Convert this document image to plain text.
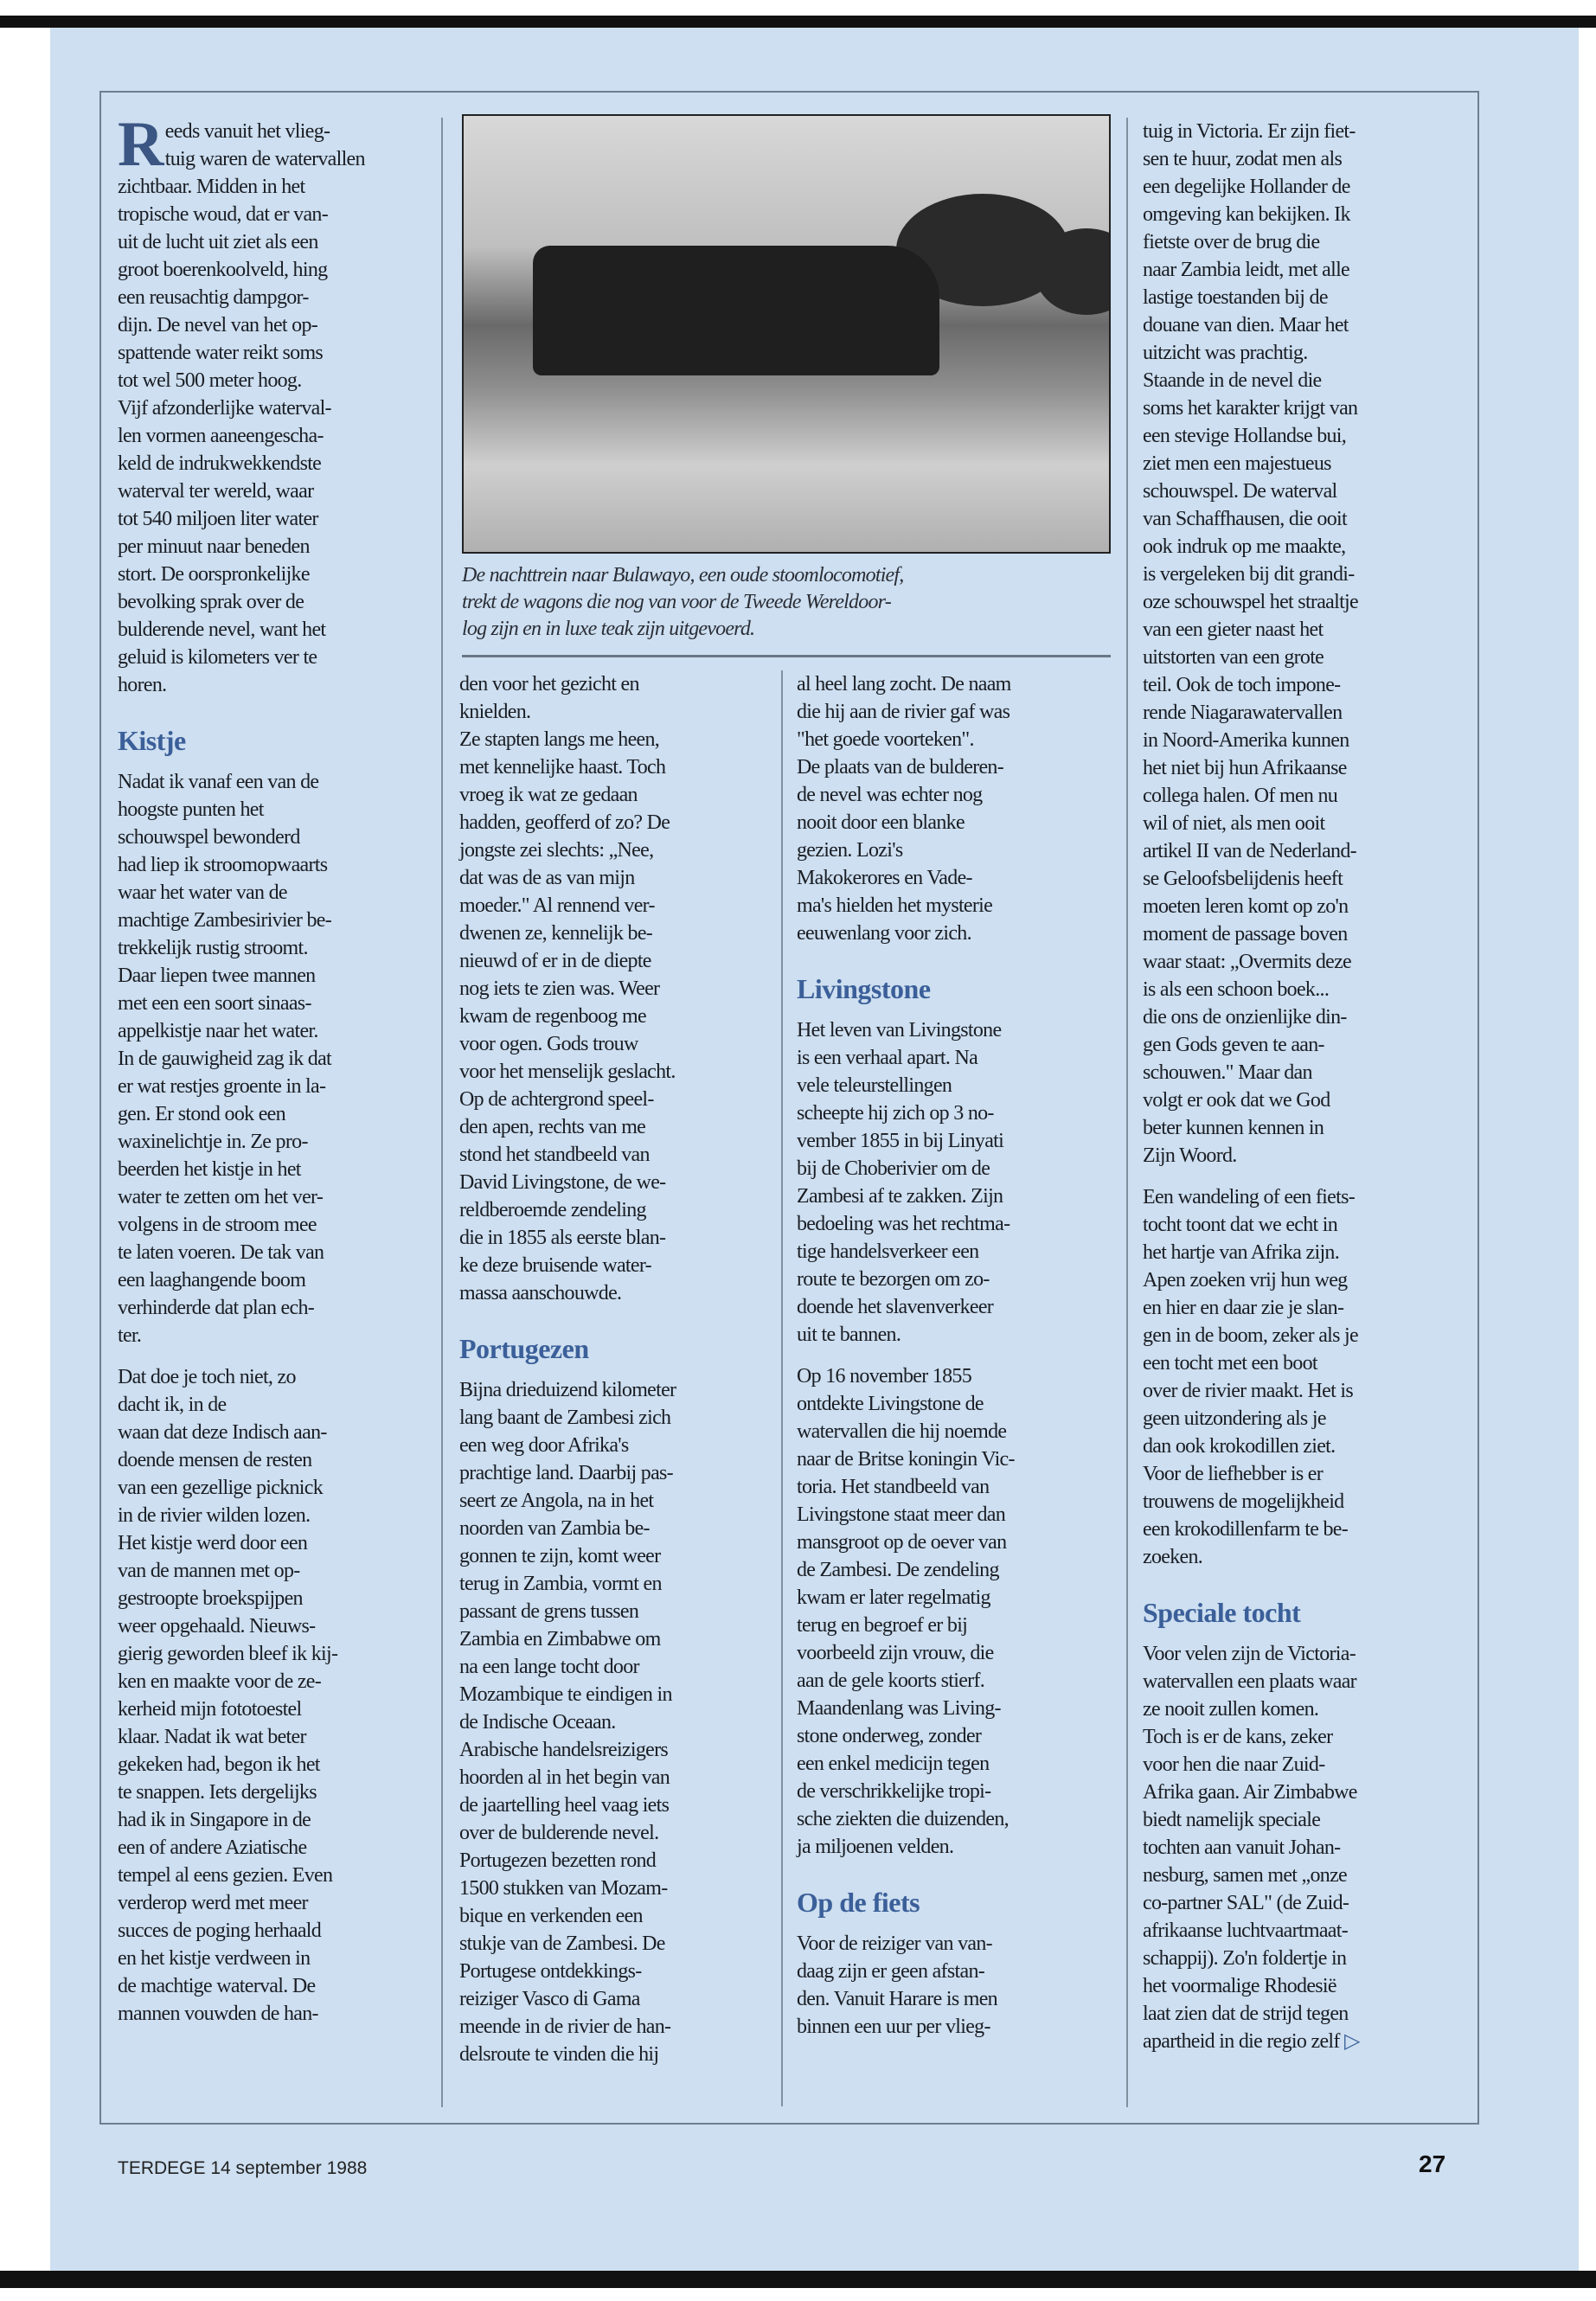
De nachttrein naar Bulawayo, een oude stoomlocomotief,
trekt de wagons die nog van voor de Tweede Wereldoor-
log zijn en in luxe teak zijn uitgevoerd.

Reeds vanuit het vlieg-
tuig waren de watervallen
zichtbaar. Midden in het
tropische woud, dat er van-
uit de lucht uit ziet als een
groot boerenkoolveld, hing
een reusachtig dampgor-
dijn. De nevel van het op-
spattende water reikt soms
tot wel 500 meter hoog.
Vijf afzonderlijke waterval-
len vormen aaneengescha-
keld de indrukwekkendste
waterval ter wereld, waar
tot 540 miljoen liter water
per minuut naar beneden
stort. De oorspronkelijke
bevolking sprak over de
bulderende nevel, want het
geluid is kilometers ver te
horen.

Kistje

Nadat ik vanaf een van de
hoogste punten het
schouwspel bewonderd
had liep ik stroomopwaarts
waar het water van de
machtige Zambesirivier be-
trekkelijk rustig stroomt.
Daar liepen twee mannen
met een een soort sinaas-
appelkistje naar het water.
In de gauwigheid zag ik dat
er wat restjes groente in la-
gen. Er stond ook een
waxinelichtje in. Ze pro-
beerden het kistje in het
water te zetten om het ver-
volgens in de stroom mee
te laten voeren. De tak van
een laaghangende boom
verhinderde dat plan ech-
ter.

Dat doe je toch niet, zo
dacht ik, in de
waan dat deze Indisch aan-
doende mensen de resten
van een gezellige picknick
in de rivier wilden lozen.
Het kistje werd door een
van de mannen met op-
gestroopte broekspijpen
weer opgehaald. Nieuws-
gierig geworden bleef ik kij-
ken en maakte voor de ze-
kerheid mijn fototoestel
klaar. Nadat ik wat beter
gekeken had, begon ik het
te snappen. Iets dergelijks
had ik in Singapore in de
een of andere Aziatische
tempel al eens gezien. Even
verderop werd met meer
succes de poging herhaald
en het kistje verdween in
de machtige waterval. De
mannen vouwden de han-

den voor het gezicht en
knielden.
Ze stapten langs me heen,
met kennelijke haast. Toch
vroeg ik wat ze gedaan
hadden, geofferd of zo? De
jongste zei slechts: „Nee,
dat was de as van mijn
moeder." Al rennend ver-
dwenen ze, kennelijk be-
nieuwd of er in de diepte
nog iets te zien was. Weer
kwam de regenboog me
voor ogen. Gods trouw
voor het menselijk geslacht.
Op de achtergrond speel-
den apen, rechts van me
stond het standbeeld van
David Livingstone, de we-
reldberoemde zendeling
die in 1855 als eerste blan-
ke deze bruisende water-
massa aanschouwde.

Portugezen

Bijna drieduizend kilometer
lang baant de Zambesi zich
een weg door Afrika's
prachtige land. Daarbij pas-
seert ze Angola, na in het
noorden van Zambia be-
gonnen te zijn, komt weer
terug in Zambia, vormt en
passant de grens tussen
Zambia en Zimbabwe om
na een lange tocht door
Mozambique te eindigen in
de Indische Oceaan.
Arabische handelsreizigers
hoorden al in het begin van
de jaartelling heel vaag iets
over de bulderende nevel.
Portugezen bezetten rond
1500 stukken van Mozam-
bique en verkenden een
stukje van de Zambesi. De
Portugese ontdekkings-
reiziger Vasco di Gama
meende in de rivier de han-
delsroute te vinden die hij

al heel lang zocht. De naam
die hij aan de rivier gaf was
"het goede voorteken".
De plaats van de bulderen-
de nevel was echter nog
nooit door een blanke
gezien. Lozi's
Makokerores en Vade-
ma's hielden het mysterie
eeuwenlang voor zich.

Livingstone

Het leven van Livingstone
is een verhaal apart. Na
vele teleurstellingen
scheepte hij zich op 3 no-
vember 1855 in bij Linyati
bij de Choberivier om de
Zambesi af te zakken. Zijn
bedoeling was het rechtma-
tige handelsverkeer een
route te bezorgen om zo-
doende het slavenverkeer
uit te bannen.

Op 16 november 1855
ontdekte Livingstone de
watervallen die hij noemde
naar de Britse koningin Vic-
toria. Het standbeeld van
Livingstone staat meer dan
mansgroot op de oever van
de Zambesi. De zendeling
kwam er later regelmatig
terug en begroef er bij
voorbeeld zijn vrouw, die
aan de gele koorts stierf.
Maandenlang was Living-
stone onderweg, zonder
een enkel medicijn tegen
de verschrikkelijke tropi-
sche ziekten die duizenden,
ja miljoenen velden.

Op de fiets

Voor de reiziger van van-
daag zijn er geen afstan-
den. Vanuit Harare is men
binnen een uur per vlieg-

tuig in Victoria. Er zijn fiet-
sen te huur, zodat men als
een degelijke Hollander de
omgeving kan bekijken. Ik
fietste over de brug die
naar Zambia leidt, met alle
lastige toestanden bij de
douane van dien. Maar het
uitzicht was prachtig.
Staande in de nevel die
soms het karakter krijgt van
een stevige Hollandse bui,
ziet men een majestueus
schouwspel. De waterval
van Schaffhausen, die ooit
ook indruk op me maakte,
is vergeleken bij dit grandi-
oze schouwspel het straaltje
van een gieter naast het
uitstorten van een grote
teil. Ook de toch impone-
rende Niagarawatervallen
in Noord-Amerika kunnen
het niet bij hun Afrikaanse
collega halen. Of men nu
wil of niet, als men ooit
artikel II van de Nederland-
se Geloofsbelijdenis heeft
moeten leren komt op zo'n
moment de passage boven
waar staat: „Overmits deze
is als een schoon boek...
die ons de onzienlijke din-
gen Gods geven te aan-
schouwen." Maar dan
volgt er ook dat we God
beter kunnen kennen in
Zijn Woord.

Een wandeling of een fiets-
tocht toont dat we echt in
het hartje van Afrika zijn.
Apen zoeken vrij hun weg
en hier en daar zie je slan-
gen in de boom, zeker als je
een tocht met een boot
over de rivier maakt. Het is
geen uitzondering als je
dan ook krokodillen ziet.
Voor de liefhebber is er
trouwens de mogelijkheid
een krokodillenfarm te be-
zoeken.

Speciale tocht

Voor velen zijn de Victoria-
watervallen een plaats waar
ze nooit zullen komen.
Toch is er de kans, zeker
voor hen die naar Zuid-
Afrika gaan. Air Zimbabwe
biedt namelijk speciale
tochten aan vanuit Johan-
nesburg, samen met „onze
co-partner SAL" (de Zuid-
afrikaanse luchtvaartmaat-
schappij). Zo'n foldertje in
het voormalige Rhodesië
laat zien dat de strijd tegen
apartheid in die regio zelf ▷

TERDEGE 14 september 1988	27
